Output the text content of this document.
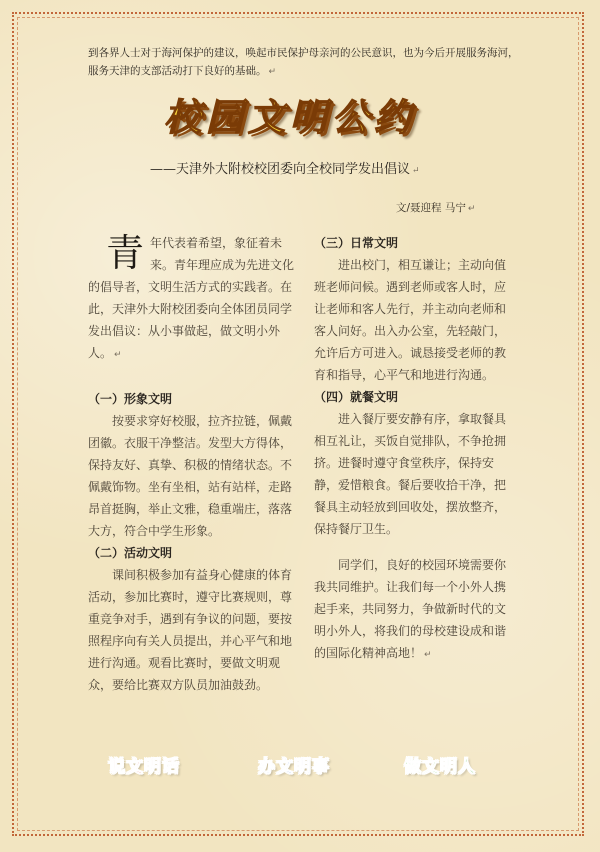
到各界人士对于海河保护的建议，唤起市民保护母亲河的公民意识，也为今后开展服务海河，服务天津的支部活动打下良好的基础。 ↵
校园文明公约
——天津外大附校校团委向全校同学发出倡议 ↵
文/聂迎程 马宁 ↵

青年代表着希望，象征着未来。青年理应成为先进文化的倡导者，文明生活方式的实践者。在此，天津外大附校团委向全体团员同学发出倡议：从小事做起，做文明小外人。 ↵

（一）形象文明

按要求穿好校服，拉齐拉链，佩戴团徽。衣服干净整洁。发型大方得体，保持友好、真挚、积极的情绪状态。不佩戴饰物。坐有坐相，站有站样，走路昂首挺胸，举止文雅，稳重端庄，落落大方，符合中学生形象。

（二）活动文明

课间积极参加有益身心健康的体育活动，参加比赛时，遵守比赛规则，尊重竞争对手，遇到有争议的问题，要按照程序向有关人员提出，并心平气和地进行沟通。观看比赛时，要做文明观众，要给比赛双方队员加油鼓劲。

（三）日常文明

进出校门，相互谦让；主动向值班老师问候。遇到老师或客人时，应让老师和客人先行，并主动向老师和客人问好。出入办公室，先轻敲门，允许后方可进入。诚恳接受老师的教育和指导，心平气和地进行沟通。

（四）就餐文明

进入餐厅要安静有序，拿取餐具相互礼让，买饭自觉排队，不争抢拥挤。进餐时遵守食堂秩序，保持安静，爱惜粮食。餐后要收拾干净，把餐具主动轻放到回收处，摆放整齐，保持餐厅卫生。

同学们，良好的校园环境需要你我共同维护。让我们每一个小外人携起手来，共同努力，争做新时代的文明小外人，将我们的母校建设成和谐的国际化精神高地！ ↵

说文明话	办文明事	做文明人
